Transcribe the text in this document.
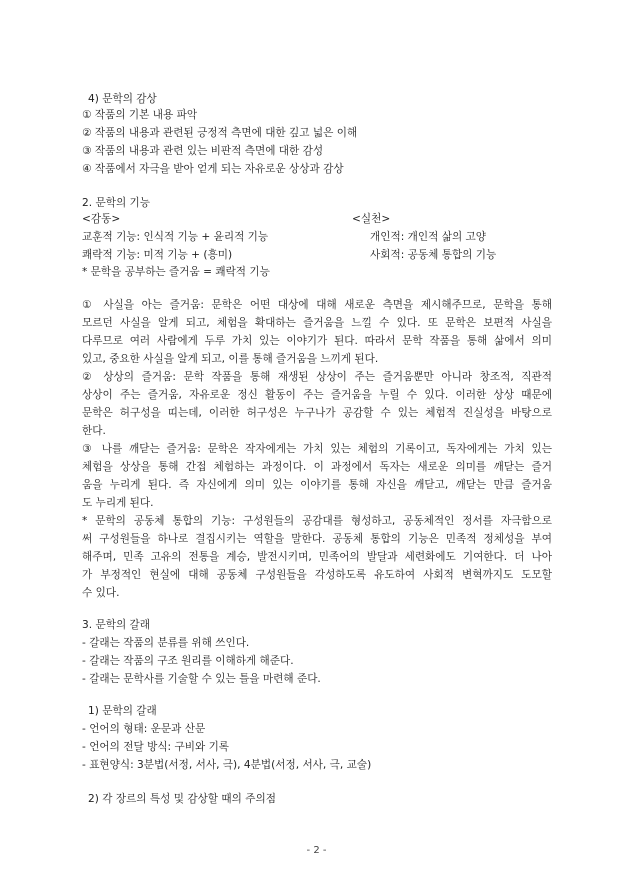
4) 문학의 감상
① 작품의 기본 내용 파악
② 작품의 내용과 관련된 긍정적 측면에 대한 깊고 넓은 이해
③ 작품의 내용과 관련 있는 비판적 측면에 대한 감성
④ 작품에서 자극을 받아 얻게 되는 자유로운 상상과 감상
2. 문학의 기능
<감동>	<실천>
교훈적 기능: 인식적 기능 + 윤리적 기능	개인적: 개인적 삶의 고양
쾌락적 기능: 미적 기능 + (흥미)	사회적: 공동체 통합의 기능
* 문학을 공부하는 즐거움 = 쾌락적 기능
① 사실을 아는 즐거움: 문학은 어떤 대상에 대해 새로운 측면을 제시해주므로, 문학을 통해
모르던 사실을 알게 되고, 체험을 확대하는 즐거움을 느낄 수 있다. 또 문학은 보편적 사실을
다루므로 여러 사람에게 두루 가치 있는 이야기가 된다. 따라서 문학 작품을 통해 삶에서 의미
있고, 중요한 사실을 알게 되고, 이를 통해 즐거움을 느끼게 된다.
② 상상의 즐거움: 문학 작품을 통해 재생된 상상이 주는 즐거움뿐만 아니라 창조적, 직관적
상상이 주는 즐거움, 자유로운 정신 활동이 주는 즐거움을 누릴 수 있다. 이러한 상상 때문에
문학은 허구성을 띠는데, 이러한 허구성은 누구나가 공감할 수 있는 체험적 진실성을 바탕으로
한다.
③ 나를 깨닫는 즐거움: 문학은 작자에게는 가치 있는 체험의 기록이고, 독자에게는 가치 있는
체험을 상상을 통해 간접 체험하는 과정이다. 이 과정에서 독자는 새로운 의미를 깨닫는 즐거
움을 누리게 된다. 즉 자신에게 의미 있는 이야기를 통해 자신을 깨닫고, 깨닫는 만큼 즐거움
도 누리게 된다.
* 문학의 공동체 통합의 기능: 구성원들의 공감대를 형성하고, 공동체적인 정서를 자극함으로
써 구성원들을 하나로 결집시키는 역할을 말한다. 공동체 통합의 기능은 민족적 정체성을 부여
해주며, 민족 고유의 전통을 계승, 발전시키며, 민족어의 발달과 세련화에도 기여한다. 더 나아
가 부정적인 현실에 대해 공동체 구성원들을 각성하도록 유도하여 사회적 변혁까지도 도모할
수 있다.
3. 문학의 갈래
- 갈래는 작품의 분류를 위해 쓰인다.
- 갈래는 작품의 구조 원리를 이해하게 해준다.
- 갈래는 문학사를 기술할 수 있는 틀을 마련해 준다.
1) 문학의 갈래
- 언어의 형태: 운문과 산문
- 언어의 전달 방식: 구비와 기록
- 표현양식: 3분법(서정, 서사, 극), 4분법(서정, 서사, 극, 교술)
2) 각 장르의 특성 및 감상할 때의 주의점
- 2 -
